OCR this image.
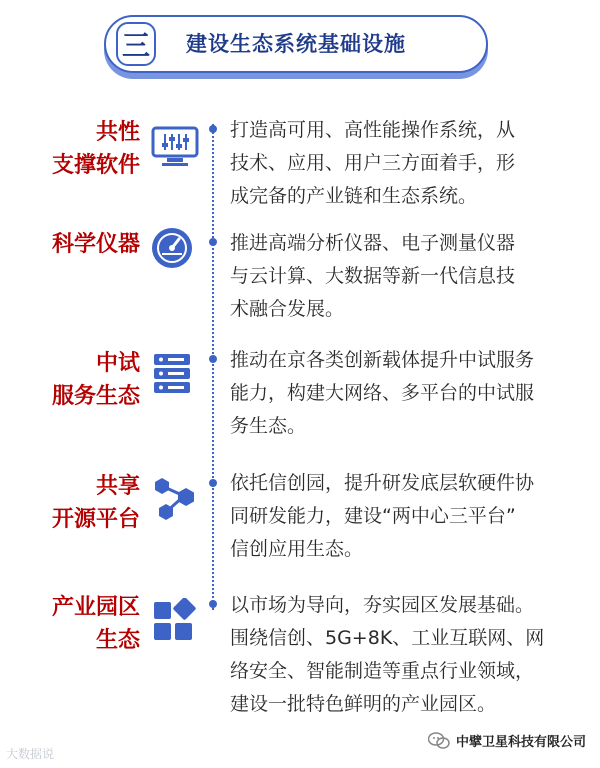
三 建设生态系统基础设施
共性
支撑软件
打造高可用、高性能操作系统，从
技术、应用、用户三方面着手，形
成完备的产业链和生态系统。
科学仪器	推进高端分析仪器、电子测量仪器
与云计算、大数据等新一代信息技
术融合发展。
中试
服务生态
推动在京各类创新载体提升中试服务
能力，构建大网络、多平台的中试服
务生态。
共享
开源平台
依托信创园，提升研发底层软硬件协
同研发能力，建设“两中心三平台”
信创应用生态。
产业园区
生态
以市场为导向，夯实园区发展基础。
围绕信创、5G+8K、工业互联网、网
络安全、智能制造等重点行业领域，
建设一批特色鲜明的产业园区。
大数据说
中擘卫星科技有限公司
